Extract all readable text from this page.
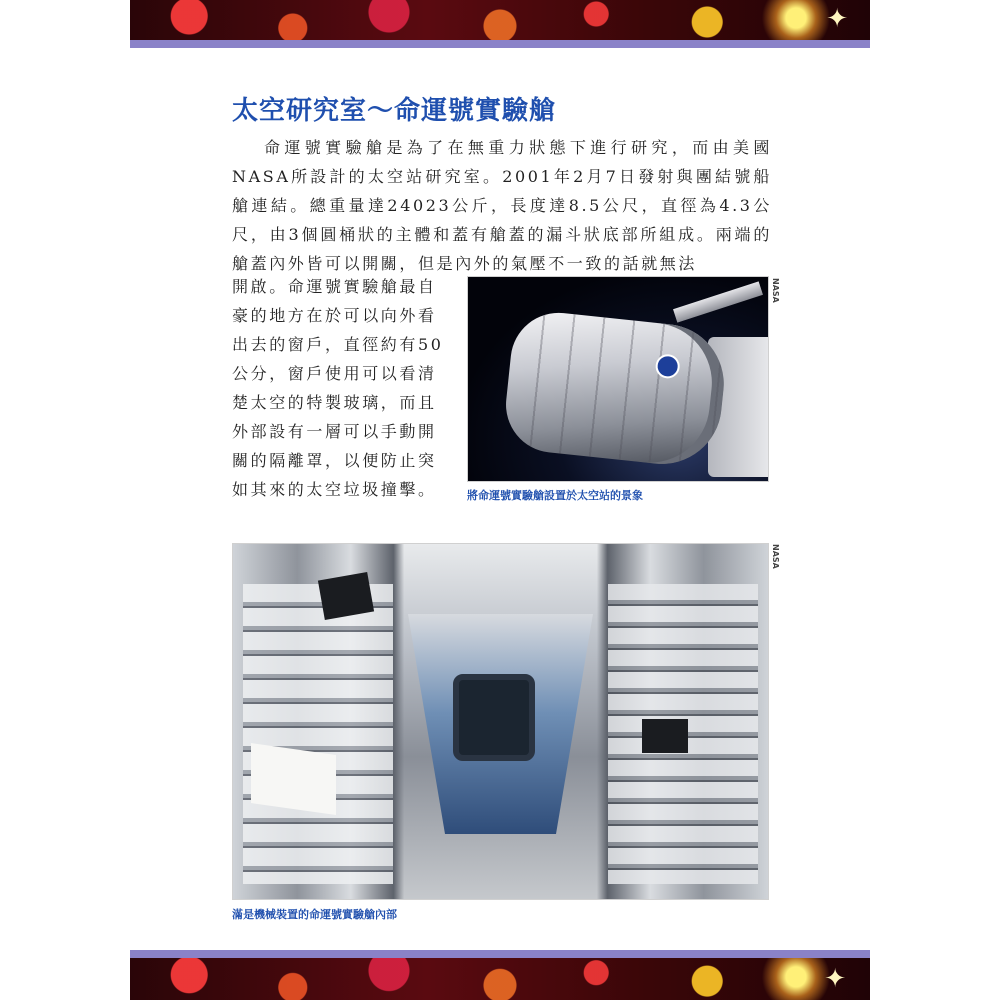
✦
太空研究室～命運號實驗艙

命運號實驗艙是為了在無重力狀態下進行研究，而由美國NASA所設計的太空站研究室。2001年2月7日發射與團結號船艙連結。總重量達24023公斤，長度達8.5公尺，直徑為4.3公尺，由3個圓桶狀的主體和蓋有艙蓋的漏斗狀底部所組成。兩端的艙蓋內外皆可以開關，但是內外的氣壓不一致的話就無法

開啟。命運號實驗艙最自豪的地方在於可以向外看出去的窗戶，直徑約有50公分，窗戶使用可以看清楚太空的特製玻璃，而且外部設有一層可以手動開關的隔離罩，以便防止突如其來的太空垃圾撞擊。

NASA

將命運號實驗艙設置於太空站的景象

NASA

滿是機械裝置的命運號實驗艙內部

✦
